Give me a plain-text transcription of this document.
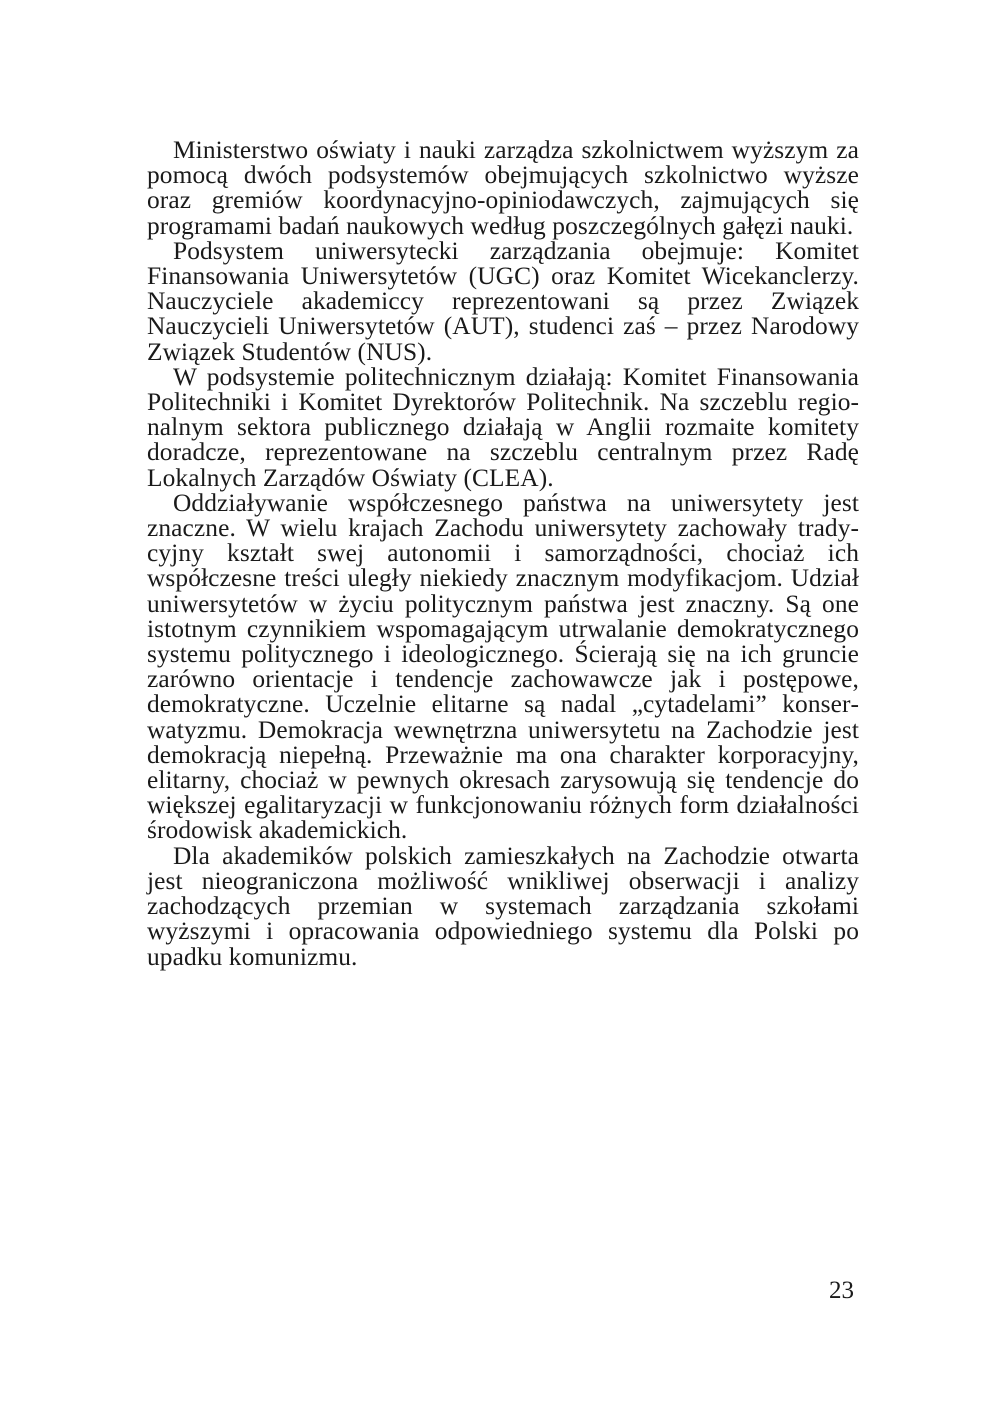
Ministerstwo oświaty i nauki zarządza szkolnictwem wyższym za pomocą dwóch podsystemów obejmujących szkolnictwo wyższe oraz gremiów koordynacyjno-opiniodawczych, zajmujących się programami badań naukowych według poszczególnych gałęzi nauki.

Podsystem uniwersytecki zarządzania obejmuje: Komitet Finansowania Uniwersytetów (UGC) oraz Komitet Wicekanclerzy. Nauczyciele akademiccy reprezentowani są przez Związek Nauczycieli Uniwersytetów (AUT), studenci zaś – przez Narodowy Związek Studentów (NUS).

W podsystemie politechnicznym działają: Komitet Finansowania Politechniki i Komitet Dyrektorów Politechnik. Na szczeblu regionalnym sektora publicznego działają w Anglii rozmaite komitety doradcze, reprezentowane na szczeblu centralnym przez Radę Lokalnych Zarządów Oświaty (CLEA).

Oddziaływanie współczesnego państwa na uniwersytety jest znaczne. W wielu krajach Zachodu uniwersytety zachowały tradycyjny kształt swej autonomii i samorządności, chociaż ich współczesne treści uległy niekiedy znacznym modyfikacjom. Udział uniwersytetów w życiu politycznym państwa jest znaczny. Są one istotnym czynnikiem wspomagającym utrwalanie demokratycznego systemu politycznego i ideologicznego. Ścierają się na ich gruncie zarówno orientacje i tendencje zachowawcze jak i postępowe, demokratyczne. Uczelnie elitarne są nadal „cytadelami” konserwatyzmu. Demokracja wewnętrzna uniwersytetu na Zachodzie jest demokracją niepełną. Przeważnie ma ona charakter korporacyjny, elitarny, chociaż w pewnych okresach zarysowują się tendencje do większej egalitaryzacji w funkcjonowaniu różnych form działalności środowisk akademickich.

Dla akademików polskich zamieszkałych na Zachodzie otwarta jest nieograniczona możliwość wnikliwej obserwacji i analizy zachodzących przemian w systemach zarządzania szkołami wyższymi i opracowania odpowiedniego systemu dla Polski po upadku komunizmu.

23
